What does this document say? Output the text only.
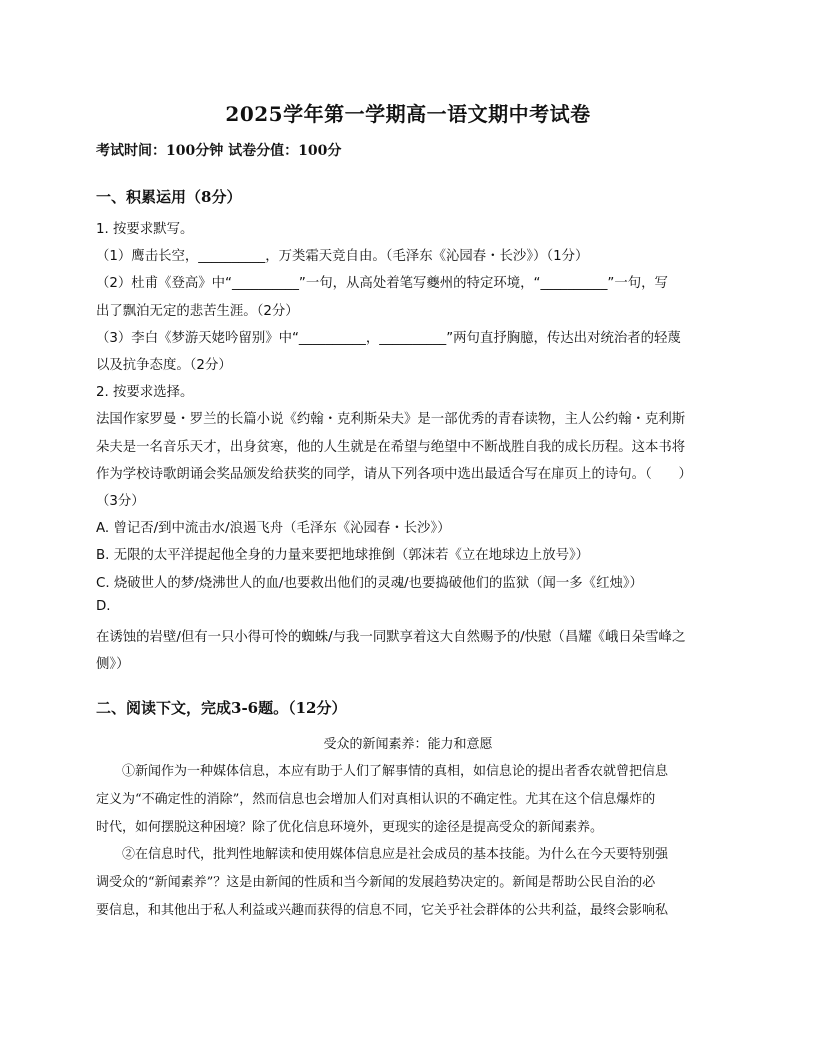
2025学年第一学期高一语文期中考试卷
考试时间：100分钟 试卷分值：100分
一、积累运用（8分）
1. 按要求默写。
（1）鹰击长空，__________，万类霜天竞自由。（毛泽东《沁园春・长沙》）（1分）
（2）杜甫《登高》中“__________”一句，从高处着笔写夔州的特定环境，“__________”一句，写
出了飘泊无定的悲苦生涯。（2分）
（3）李白《梦游天姥吟留别》中“__________，__________”两句直抒胸臆，传达出对统治者的轻蔑
以及抗争态度。（2分）
2. 按要求选择。
法国作家罗曼・罗兰的长篇小说《约翰・克利斯朵夫》是一部优秀的青春读物，主人公约翰・克利斯
朵夫是一名音乐天才，出身贫寒，他的人生就是在希望与绝望中不断战胜自我的成长历程。这本书将
作为学校诗歌朗诵会奖品颁发给获奖的同学，请从下列各项中选出最适合写在扉页上的诗句。（　　）
（3分）
A. 曾记否/到中流击水/浪遏飞舟（毛泽东《沁园春・长沙》）
B. 无限的太平洋提起他全身的力量来要把地球推倒（郭沫若《立在地球边上放号》）
C. 烧破世人的梦/烧沸世人的血/也要救出他们的灵魂/也要捣破他们的监狱（闻一多《红烛》）
D.
在诱蚀的岩壁/但有一只小得可怜的蜘蛛/与我一同默享着这大自然赐予的/快慰（昌耀《峨日朵雪峰之
侧》）
二、阅读下文，完成3-6题。（12分）
受众的新闻素养：能力和意愿
　　①新闻作为一种媒体信息，本应有助于人们了解事情的真相，如信息论的提出者香农就曾把信息
定义为“不确定性的消除”，然而信息也会增加人们对真相认识的不确定性。尤其在这个信息爆炸的
时代，如何摆脱这种困境？除了优化信息环境外，更现实的途径是提高受众的新闻素养。
　　②在信息时代，批判性地解读和使用媒体信息应是社会成员的基本技能。为什么在今天要特别强
调受众的“新闻素养”？这是由新闻的性质和当今新闻的发展趋势决定的。新闻是帮助公民自治的必
要信息，和其他出于私人利益或兴趣而获得的信息不同，它关乎社会群体的公共利益，最终会影响私
